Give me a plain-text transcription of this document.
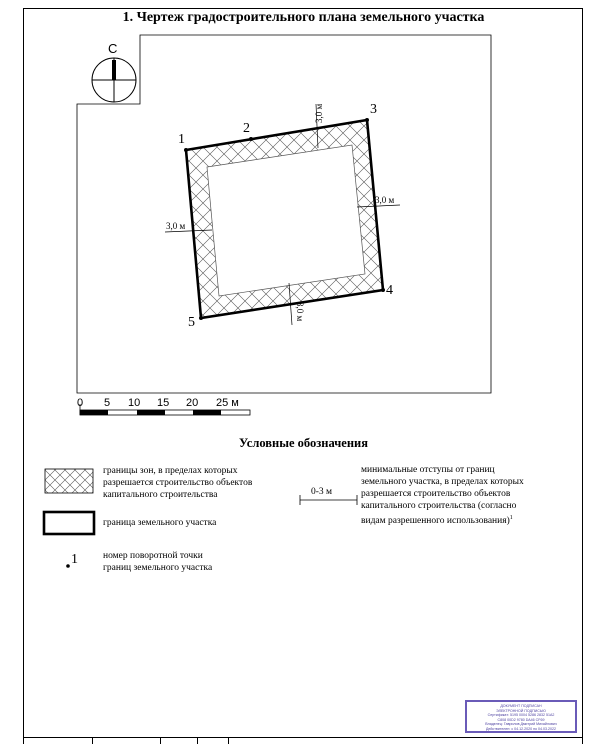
1. Чертеж градостроительного плана земельного участка
С
3,0 м
3,0 м
3,0 м
3,0 м
1
2
3
4
5
0 5 10 15 20 25 м
Условные обозначения
границы зон, в пределах которых
разрешается строительство объектов
капитального строительства
граница земельного участка
1	номер поворотной точки
границ земельного участка
0-3 м
минимальные отступы от границ
земельного участка, в пределах которых
разрешается строительство объектов
капитального строительства (согласно
видам разрешенного использования)$^1$
ДОКУМЕНТ ПОДПИСАН
ЭЛЕКТРОННОЙ ПОДПИСЬЮ
Сертификат: 5195 0004 5286 2832 51A2
C808 00D2 9780 DA46 CF69
Владелец: Гаврилов Дмитрий Михайлович
Действителен: с 04.12.2020 по 04.03.2022
